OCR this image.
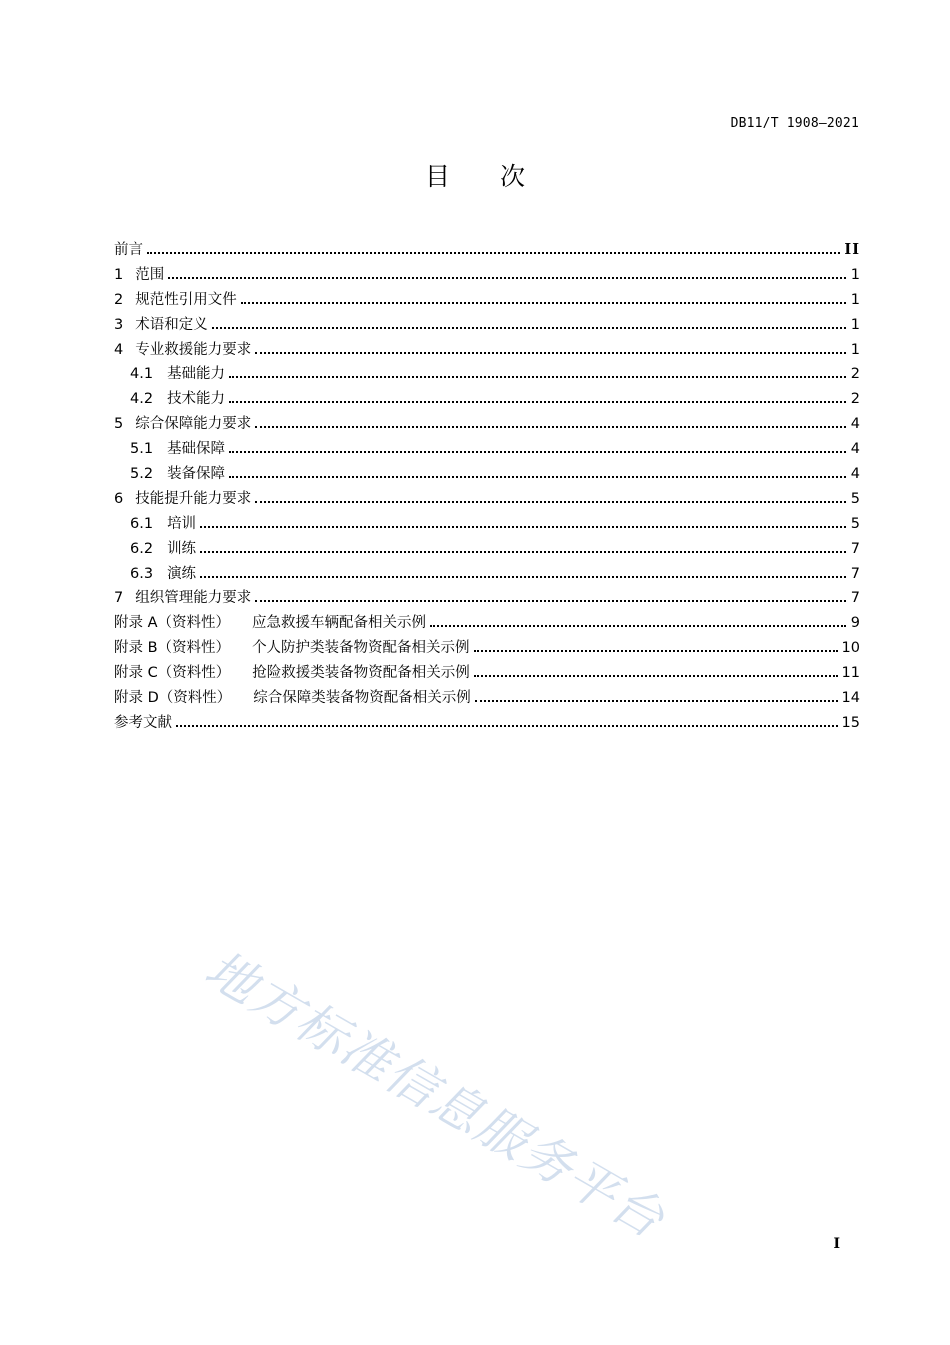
DB11/T 1908—2021
目次
前言	II
1 范围	1
2 规范性引用文件	1
3 术语和定义	1
4 专业救援能力要求	1
4.1 基础能力	2
4.2 技术能力	2
5 综合保障能力要求	4
5.1 基础保障	4
5.2 装备保障	4
6 技能提升能力要求	5
6.1 培训	5
6.2 训练	7
6.3 演练	7
7 组织管理能力要求	7
附录 A（资料性） 应急救援车辆配备相关示例	9
附录 B（资料性） 个人防护类装备物资配备相关示例	10
附录 C（资料性） 抢险救援类装备物资配备相关示例	11
附录 D（资料性） 综合保障类装备物资配备相关示例	14
参考文献	15
地方标准信息服务平台	I
